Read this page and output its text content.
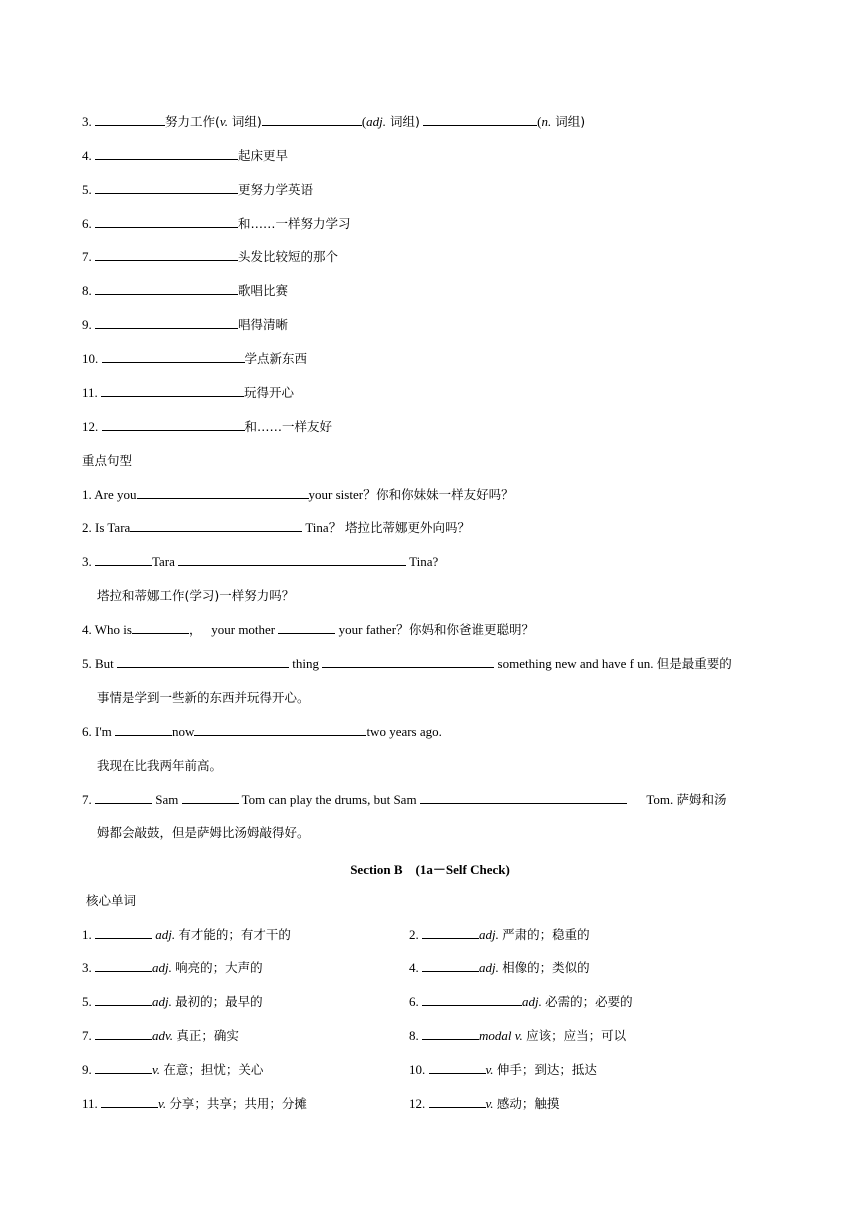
3.	努力工作(v. 词组)	(adj. 词组)	(n. 词组)
4.	起床更早
5.	更努力学英语
6.	和……一样努力学习
7.	头发比较短的那个
8.	歌唱比赛
9.	唱得清晰
10.	学点新东西
11.	玩得开心
12.	和……一样友好
重点句型
1. Are you	your sister？你和你妹妹一样友好吗？
2. Is Tara	Tina？ 塔拉比蒂娜更外向吗？
3.	Tara	Tina?
塔拉和蒂娜工作(学习)一样努力吗？
4. Who is	， your mother	your father？你妈和你爸谁更聪明？
5. But	thing	something new and have f un. 但是最重要的
事情是学到一些新的东西并玩得开心。
6. I'm	now	two years ago.
我现在比我两年前高。
7.	Sam	Tom can play the drums, but Sam	Tom. 萨姆和汤
姆都会敲鼓，但是萨姆比汤姆敲得好。
Section B　(1a－Self Check)
核心单词
1.	adj. 有才能的；有才干的	2.	adj. 严肃的；稳重的
3.	adj. 响亮的；大声的	4.	adj. 相像的；类似的
5.	adj. 最初的；最早的	6.	adj. 必需的；必要的
7.	adv. 真正；确实	8.	modal v. 应该；应当；可以
9.	v. 在意；担忧；关心	10.	v. 伸手；到达；抵达
11.	v. 分享；共享；共用；分摊	12.	v. 感动；触摸
